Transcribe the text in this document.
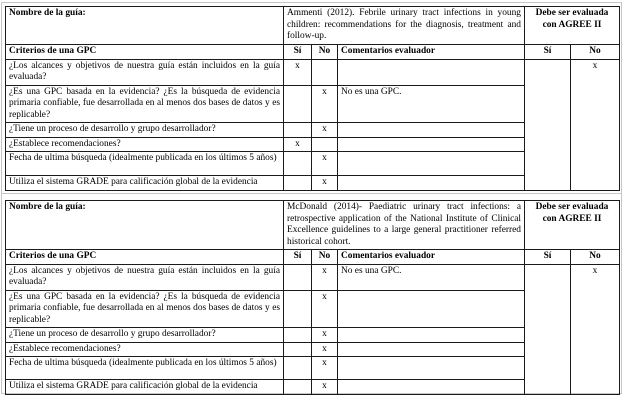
Nombre de la guía:	Ammenti (2012). Febrile urinary tract infections in young children: recommendations for the diagnosis, treatment and follow-up.			Debe ser evaluada con AGREE II	
Criterios de una GPC	Sí	No	Comentarios evaluador	Sí	No
¿Los alcances y objetivos de nuestra guía están incluidos en la guía evaluada?	x				x
¿Es una GPC basada en la evidencia? ¿Es la búsqueda de evidencia primaria confiable, fue desarrollada en al menos dos bases de datos y es replicable?		x	No es una GPC.		
¿Tiene un proceso de desarrollo y grupo desarrollador?		x			
¿Establece recomendaciones?	x				
Fecha de ultima búsqueda (idealmente publicada en los últimos 5 años)		x			
Utiliza el sistema GRADE para calificación global de la evidencia		x			
Nombre de la guía:	McDonald (2014)- Paediatric urinary tract infections: a retrospective application of the National Institute of Clinical Excellence guidelines to a large general practitioner referred historical cohort.			Debe ser evaluada con AGREE II	
Criterios de una GPC	Sí	No	Comentarios evaluador	Sí	No
¿Los alcances y objetivos de nuestra guía están incluidos en la guía evaluada?		x	No es una GPC.		x
¿Es una GPC basada en la evidencia? ¿Es la búsqueda de evidencia primaria confiable, fue desarrollada en al menos dos bases de datos y es replicable?		x			
¿Tiene un proceso de desarrollo y grupo desarrollador?		x			
¿Establece recomendaciones?		x			
Fecha de ultima búsqueda (idealmente publicada en los últimos 5 años)		x			
Utiliza el sistema GRADE para calificación global de la evidencia		x			
